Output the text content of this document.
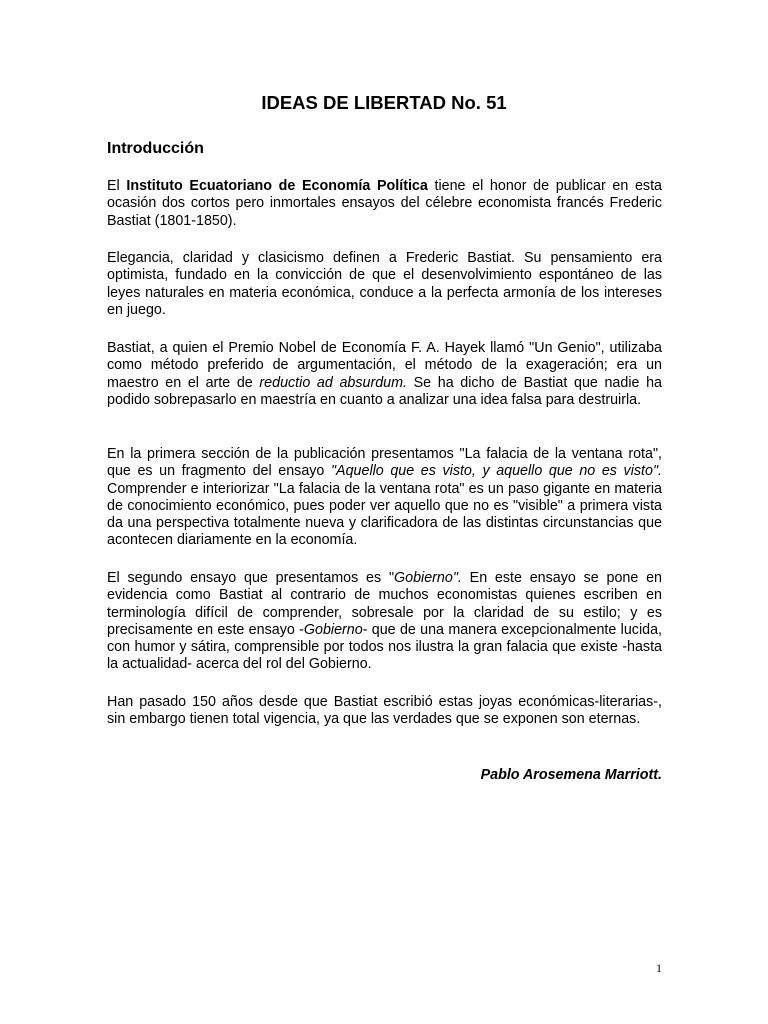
IDEAS DE LIBERTAD No. 51
Introducción

El Instituto Ecuatoriano de Economía Política tiene el honor de publicar en esta ocasión dos cortos pero inmortales ensayos del célebre economista francés Frederic Bastiat (1801-1850).

Elegancia, claridad y clasicismo definen a Frederic Bastiat. Su pensamiento era optimista, fundado en la convicción de que el desenvolvimiento espontáneo de las leyes naturales en materia económica, conduce a la perfecta armonía de los intereses en juego.

Bastiat, a quien el Premio Nobel de Economía F. A. Hayek llamó "Un Genio", utilizaba como método preferido de argumentación, el método de la exageración; era un maestro en el arte de reductio ad absurdum. Se ha dicho de Bastiat que nadie ha podido sobrepasarlo en maestría en cuanto a analizar una idea falsa para destruirla.

En la primera sección de la publicación presentamos "La falacia de la ventana rota", que es un fragmento del ensayo "Aquello que es visto, y aquello que no es visto". Comprender e interiorizar "La falacia de la ventana rota" es un paso gigante en materia de conocimiento económico, pues poder ver aquello que no es "visible" a primera vista da una perspectiva totalmente nueva y clarificadora de las distintas circunstancias que acontecen diariamente en la economía.

El segundo ensayo que presentamos es "Gobierno". En este ensayo se pone en evidencia como Bastiat al contrario de muchos economistas quienes escriben en terminología difícil de comprender, sobresale por la claridad de su estilo; y es precisamente en este ensayo -Gobierno- que de una manera excepcionalmente lucida, con humor y sátira, comprensible por todos nos ilustra la gran falacia que existe -hasta la actualidad- acerca del rol del Gobierno.

Han pasado 150 años desde que Bastiat escribió estas joyas económicas-literarias-, sin embargo tienen total vigencia, ya que las verdades que se exponen son eternas.

Pablo Arosemena Marriott.

1
